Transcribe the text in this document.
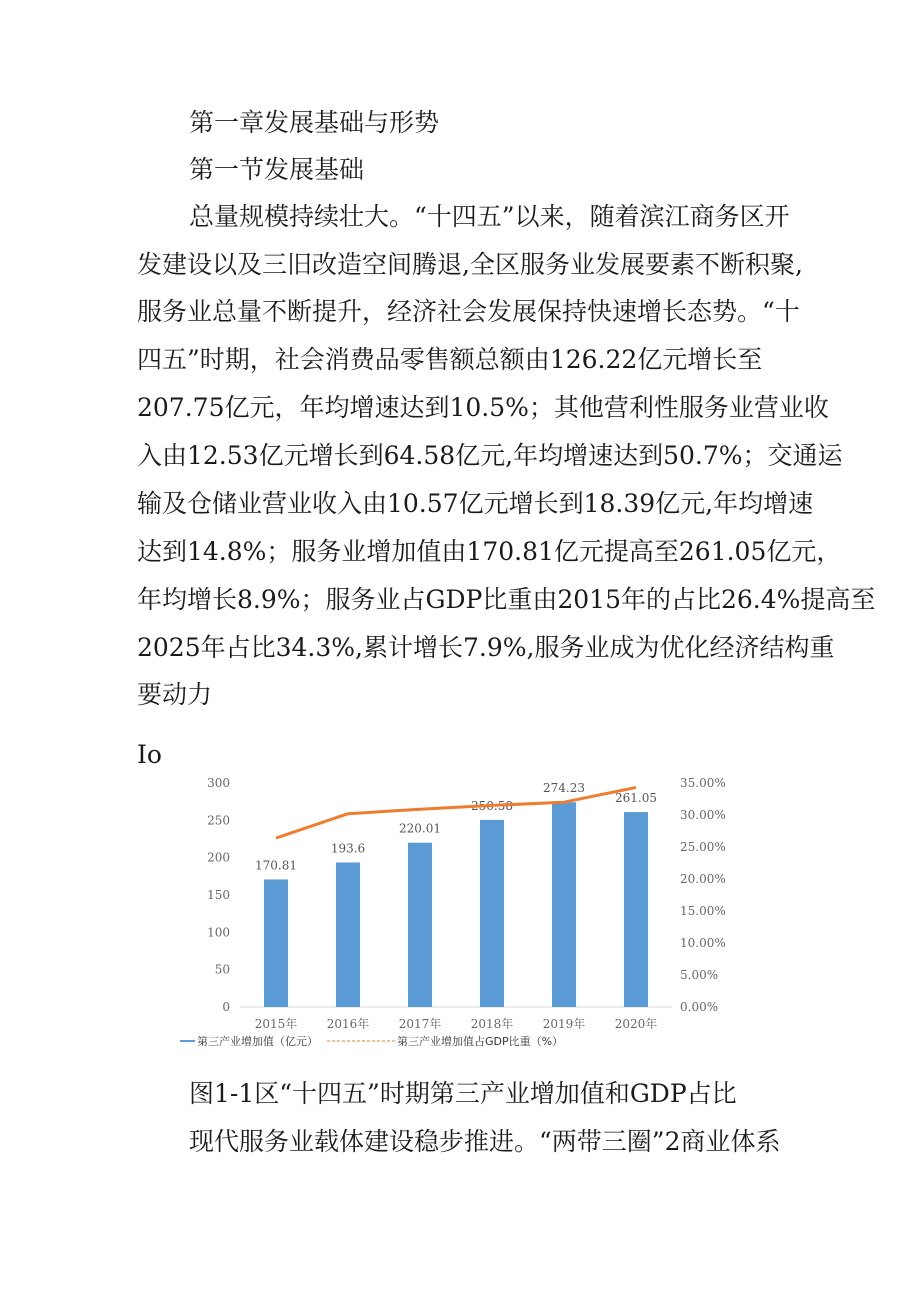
第一章发展基础与形势
第一节发展基础
总量规模持续壮大。“十四五”以来，随着滨江商务区开
发建设以及三旧改造空间腾退,全区服务业发展要素不断积聚,
服务业总量不断提升，经济社会发展保持快速增长态势。“十
四五”时期，社会消费品零售额总额由126.22亿元增长至
207.75亿元，年均增速达到10.5%；其他营利性服务业营业收
入由12.53亿元增长到64.58亿元,年均增速达到50.7%；交通运
输及仓储业营业收入由10.57亿元增长到18.39亿元,年均增速
达到14.8%；服务业增加值由170.81亿元提高至261.05亿元，
年均增长8.9%；服务业占GDP比重由2015年的占比26.4%提高至
2025年占比34.3%,累计增长7.9%,服务业成为优化经济结构重
要动力
Io
0
50
100
150
200
250
300
0.00%
5.00%
10.00%
15.00%
20.00%
25.00%
30.00%
35.00%
170.81
193.6
220.01
250.58
274.23
261.05
2015年 2016年 2017年 2018年 2019年 2020年
第三产业增加值（亿元）	第三产业增加值占GDP比重（%）
图1-1区“十四五”时期第三产业增加值和GDP占比
现代服务业载体建设稳步推进。“两带三圈”2商业体系
